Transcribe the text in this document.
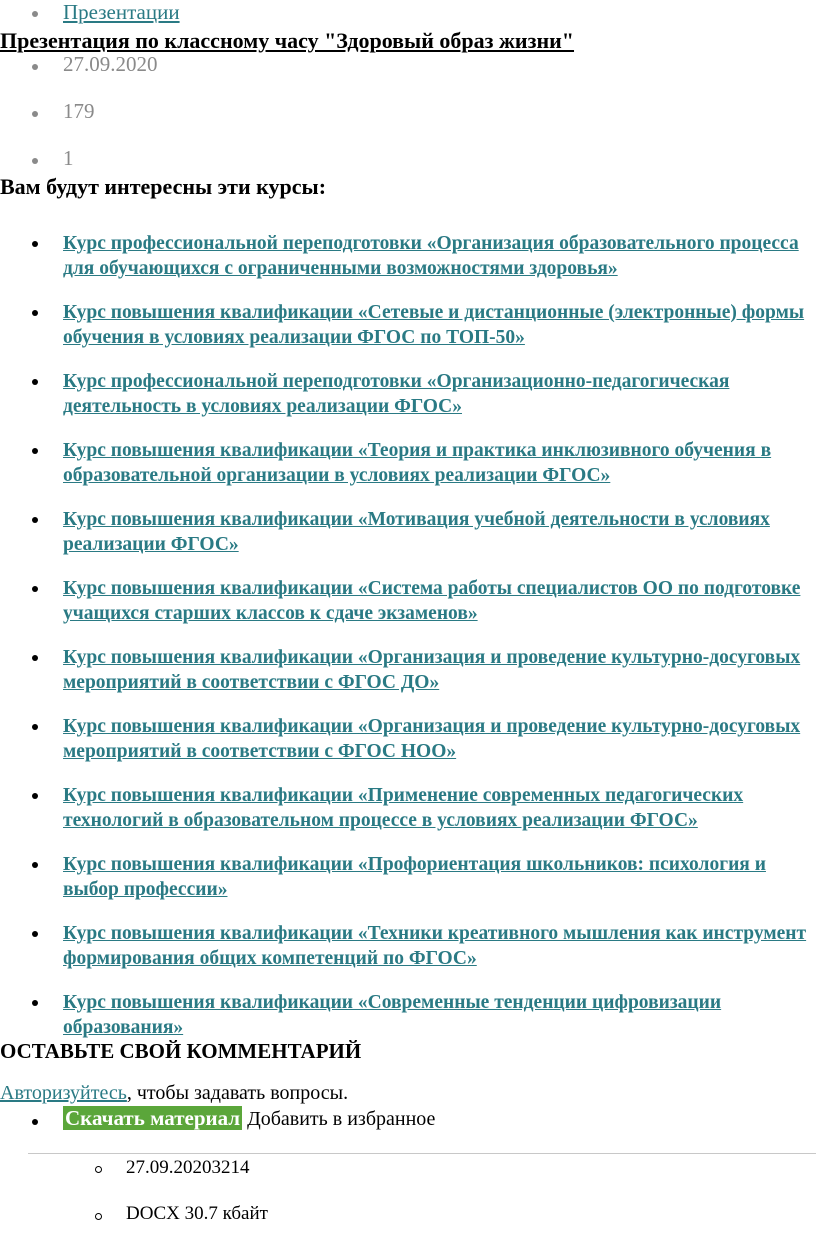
Презентации
Презентация по классному часу "Здоровый образ жизни"
27.09.2020
179
1
Вам будут интересны эти курсы:
Курс профессиональной переподготовки «Организация образовательного процесса для обучающихся с ограниченными возможностями здоровья»
Курс повышения квалификации «Сетевые и дистанционные (электронные) формы обучения в условиях реализации ФГОС по ТОП-50»
Курс профессиональной переподготовки «Организационно-педагогическая деятельность в условиях реализации ФГОС»
Курс повышения квалификации «Теория и практика инклюзивного обучения в образовательной организации в условиях реализации ФГОС»
Курс повышения квалификации «Мотивация учебной деятельности в условиях реализации ФГОС»
Курс повышения квалификации «Система работы специалистов ОО по подготовке учащихся старших классов к сдаче экзаменов»
Курс повышения квалификации «Организация и проведение культурно-досуговых мероприятий в соответствии с ФГОС ДО»
Курс повышения квалификации «Организация и проведение культурно-досуговых мероприятий в соответствии с ФГОС НОО»
Курс повышения квалификации «Применение современных педагогических технологий в образовательном процессе в условиях реализации ФГОС»
Курс повышения квалификации «Профориентация школьников: психология и выбор профессии»
Курс повышения квалификации «Техники креативного мышления как инструмент формирования общих компетенций по ФГОС»
Курс повышения квалификации «Современные тенденции цифровизации образования»
ОСТАВЬТЕ СВОЙ КОММЕНТАРИЙ
Авторизуйтесь, чтобы задавать вопросы.
Скачать материал Добавить в избранное
27.09.20203214
DOCX 30.7 кбайт
